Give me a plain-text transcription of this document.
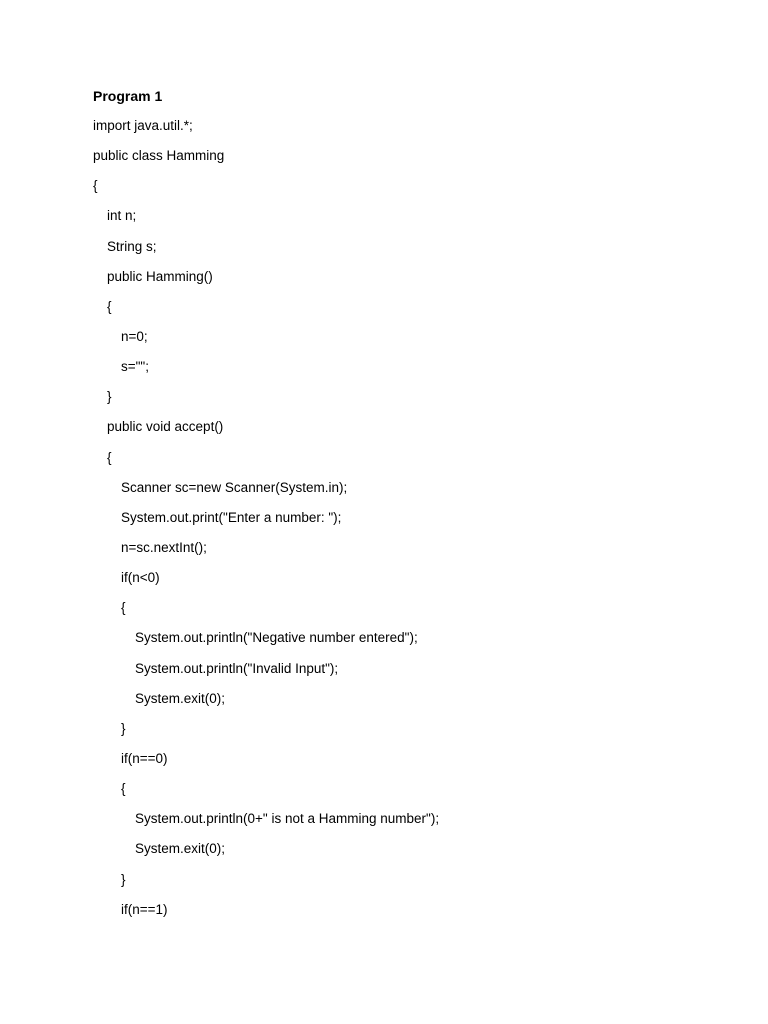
Program 1
import java.util.*;
public class Hamming
{
int n;
String s;
public Hamming()
{
n=0;
s="";
}
public void accept()
{
Scanner sc=new Scanner(System.in);
System.out.print("Enter a number: ");
n=sc.nextInt();
if(n<0)
{
System.out.println("Negative number entered");
System.out.println("Invalid Input");
System.exit(0);
}
if(n==0)
{
System.out.println(0+" is not a Hamming number");
System.exit(0);
}
if(n==1)
